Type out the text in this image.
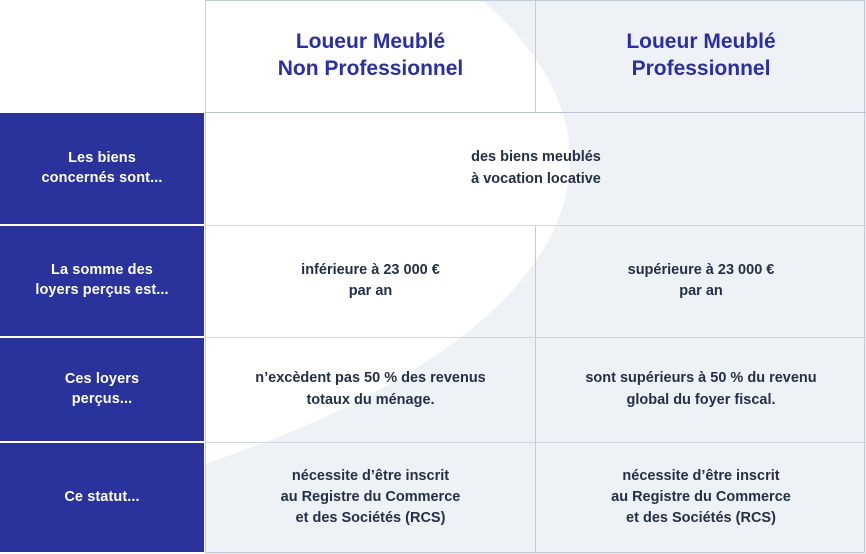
Loueur Meublé
Non Professionnel
Loueur Meublé
Professionnel
Les biens
concernés sont...
La somme des
loyers perçus est...
Ces loyers
perçus...
Ce statut...
des biens meublés
à vocation locative
inférieure à 23 000 €
par an
supérieure à 23 000 €
par an
n’excèdent pas 50 % des revenus
totaux du ménage.
sont supérieurs à 50 % du revenu
global du foyer fiscal.
nécessite d’être inscrit
au Registre du Commerce
et des Sociétés (RCS)
nécessite d’être inscrit
au Registre du Commerce
et des Sociétés (RCS)
